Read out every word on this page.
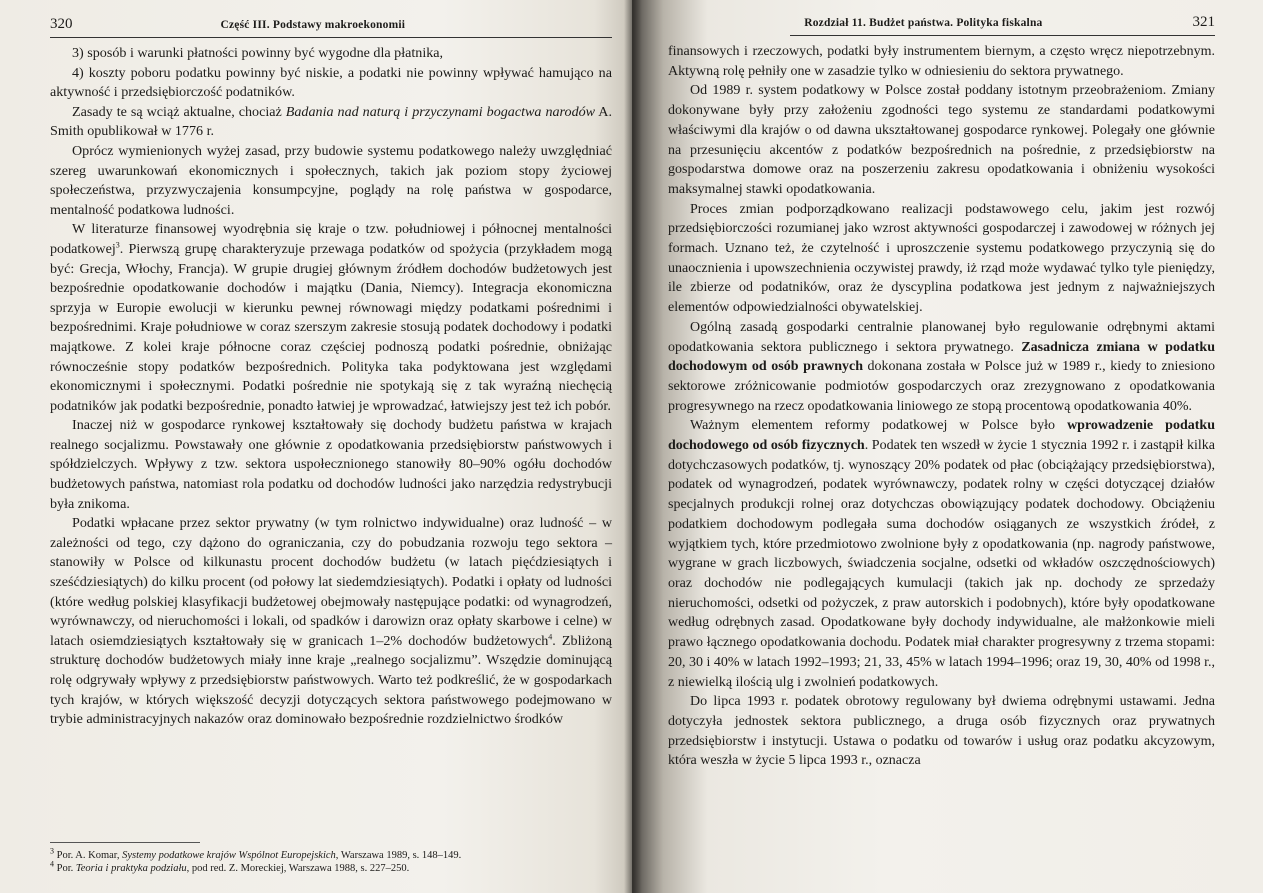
320	Część III. Podstawy makroekonomii

3) sposób i warunki płatności powinny być wygodne dla płatnika,

4) koszty poboru podatku powinny być niskie, a podatki nie powinny wpływać hamująco na aktywność i przedsiębiorczość podatników.

Zasady te są wciąż aktualne, chociaż Badania nad naturą i przyczynami bogactwa narodów A. Smith opublikował w 1776 r.

Oprócz wymienionych wyżej zasad, przy budowie systemu podatkowego należy uwzględniać szereg uwarunkowań ekonomicznych i społecznych, takich jak poziom stopy życiowej społeczeństwa, przyzwyczajenia konsumpcyjne, poglądy na rolę państwa w gospodarce, mentalność podatkowa ludności.

W literaturze finansowej wyodrębnia się kraje o tzw. południowej i północnej mentalności podatkowej$^3$. Pierwszą grupę charakteryzuje przewaga podatków od spożycia (przykładem mogą być: Grecja, Włochy, Francja). W grupie drugiej głównym źródłem dochodów budżetowych jest bezpośrednie opodatkowanie dochodów i majątku (Dania, Niemcy). Integracja ekonomiczna sprzyja w Europie ewolucji w kierunku pewnej równowagi między podatkami pośrednimi i bezpośrednimi. Kraje południowe w coraz szerszym zakresie stosują podatek dochodowy i podatki majątkowe. Z kolei kraje północne coraz częściej podnoszą podatki pośrednie, obniżając równocześnie stopy podatków bezpośrednich. Polityka taka podyktowana jest względami ekonomicznymi i społecznymi. Podatki pośrednie nie spotykają się z tak wyraźną niechęcią podatników jak podatki bezpośrednie, ponadto łatwiej je wprowadzać, łatwiejszy jest też ich pobór.

Inaczej niż w gospodarce rynkowej kształtowały się dochody budżetu państwa w krajach realnego socjalizmu. Powstawały one głównie z opodatkowania przedsiębiorstw państwowych i spółdzielczych. Wpływy z tzw. sektora uspołecznionego stanowiły 80–90% ogółu dochodów budżetowych państwa, natomiast rola podatku od dochodów ludności jako narzędzia redystrybucji była znikoma.

Podatki wpłacane przez sektor prywatny (w tym rolnictwo indywidualne) oraz ludność – w zależności od tego, czy dążono do ograniczania, czy do pobudzania rozwoju tego sektora – stanowiły w Polsce od kilkunastu procent dochodów budżetu (w latach pięćdziesiątych i sześćdziesiątych) do kilku procent (od połowy lat siedemdziesiątych). Podatki i opłaty od ludności (które według polskiej klasyfikacji budżetowej obejmowały następujące podatki: od wynagrodzeń, wyrównawczy, od nieruchomości i lokali, od spadków i darowizn oraz opłaty skarbowe i celne) w latach osiemdziesiątych kształtowały się w granicach 1–2% dochodów budżetowych$^4$. Zbliżoną strukturę dochodów budżetowych miały inne kraje „realnego socjalizmu”. Wszędzie dominującą rolę odgrywały wpływy z przedsiębiorstw państwowych. Warto też podkreślić, że w gospodarkach tych krajów, w których większość decyzji dotyczących sektora państwowego podejmowano w trybie administracyjnych nakazów oraz dominowało bezpośrednie rozdzielnictwo środków

$^3$ Por. A. Komar, Systemy podatkowe krajów Wspólnot Europejskich, Warszawa 1989, s. 148–149.
$^4$ Por. Teoria i praktyka podziału, pod red. Z. Moreckiej, Warszawa 1988, s. 227–250.
Rozdział 11. Budżet państwa. Polityka fiskalna	321

finansowych i rzeczowych, podatki były instrumentem biernym, a często wręcz niepotrzebnym. Aktywną rolę pełniły one w zasadzie tylko w odniesieniu do sektora prywatnego.

Od 1989 r. system podatkowy w Polsce został poddany istotnym przeobrażeniom. Zmiany dokonywane były przy założeniu zgodności tego systemu ze standardami podatkowymi właściwymi dla krajów o od dawna ukształtowanej gospodarce rynkowej. Polegały one głównie na przesunięciu akcentów z podatków bezpośrednich na pośrednie, z przedsiębiorstw na gospodarstwa domowe oraz na poszerzeniu zakresu opodatkowania i obniżeniu wysokości maksymalnej stawki opodatkowania.

Proces zmian podporządkowano realizacji podstawowego celu, jakim jest rozwój przedsiębiorczości rozumianej jako wzrost aktywności gospodarczej i zawodowej w różnych jej formach. Uznano też, że czytelność i uproszczenie systemu podatkowego przyczynią się do unaocznienia i upowszechnienia oczywistej prawdy, iż rząd może wydawać tylko tyle pieniędzy, ile zbierze od podatników, oraz że dyscyplina podatkowa jest jednym z najważniejszych elementów odpowiedzialności obywatelskiej.

Ogólną zasadą gospodarki centralnie planowanej było regulowanie odrębnymi aktami opodatkowania sektora publicznego i sektora prywatnego. Zasadnicza zmiana w podatku dochodowym od osób prawnych dokonana została w Polsce już w 1989 r., kiedy to zniesiono sektorowe zróżnicowanie podmiotów gospodarczych oraz zrezygnowano z opodatkowania progresywnego na rzecz opodatkowania liniowego ze stopą procentową opodatkowania 40%.

Ważnym elementem reformy podatkowej w Polsce było wprowadzenie podatku dochodowego od osób fizycznych. Podatek ten wszedł w życie 1 stycznia 1992 r. i zastąpił kilka dotychczasowych podatków, tj. wynoszący 20% podatek od płac (obciążający przedsiębiorstwa), podatek od wynagrodzeń, podatek wyrównawczy, podatek rolny w części dotyczącej działów specjalnych produkcji rolnej oraz dotychczas obowiązujący podatek dochodowy. Obciążeniu podatkiem dochodowym podlegała suma dochodów osiąganych ze wszystkich źródeł, z wyjątkiem tych, które przedmiotowo zwolnione były z opodatkowania (np. nagrody państwowe, wygrane w grach liczbowych, świadczenia socjalne, odsetki od wkładów oszczędnościowych) oraz dochodów nie podlegających kumulacji (takich jak np. dochody ze sprzedaży nieruchomości, odsetki od pożyczek, z praw autorskich i podobnych), które były opodatkowane według odrębnych zasad. Opodatkowane były dochody indywidualne, ale małżonkowie mieli prawo łącznego opodatkowania dochodu. Podatek miał charakter progresywny z trzema stopami: 20, 30 i 40% w latach 1992–1993; 21, 33, 45% w latach 1994–1996; oraz 19, 30, 40% od 1998 r., z niewielką ilością ulg i zwolnień podatkowych.

Do lipca 1993 r. podatek obrotowy regulowany był dwiema odrębnymi ustawami. Jedna dotyczyła jednostek sektora publicznego, a druga osób fizycznych oraz prywatnych przedsiębiorstw i instytucji. Ustawa o podatku od towarów i usług oraz podatku akcyzowym, która weszła w życie 5 lipca 1993 r., oznacza
